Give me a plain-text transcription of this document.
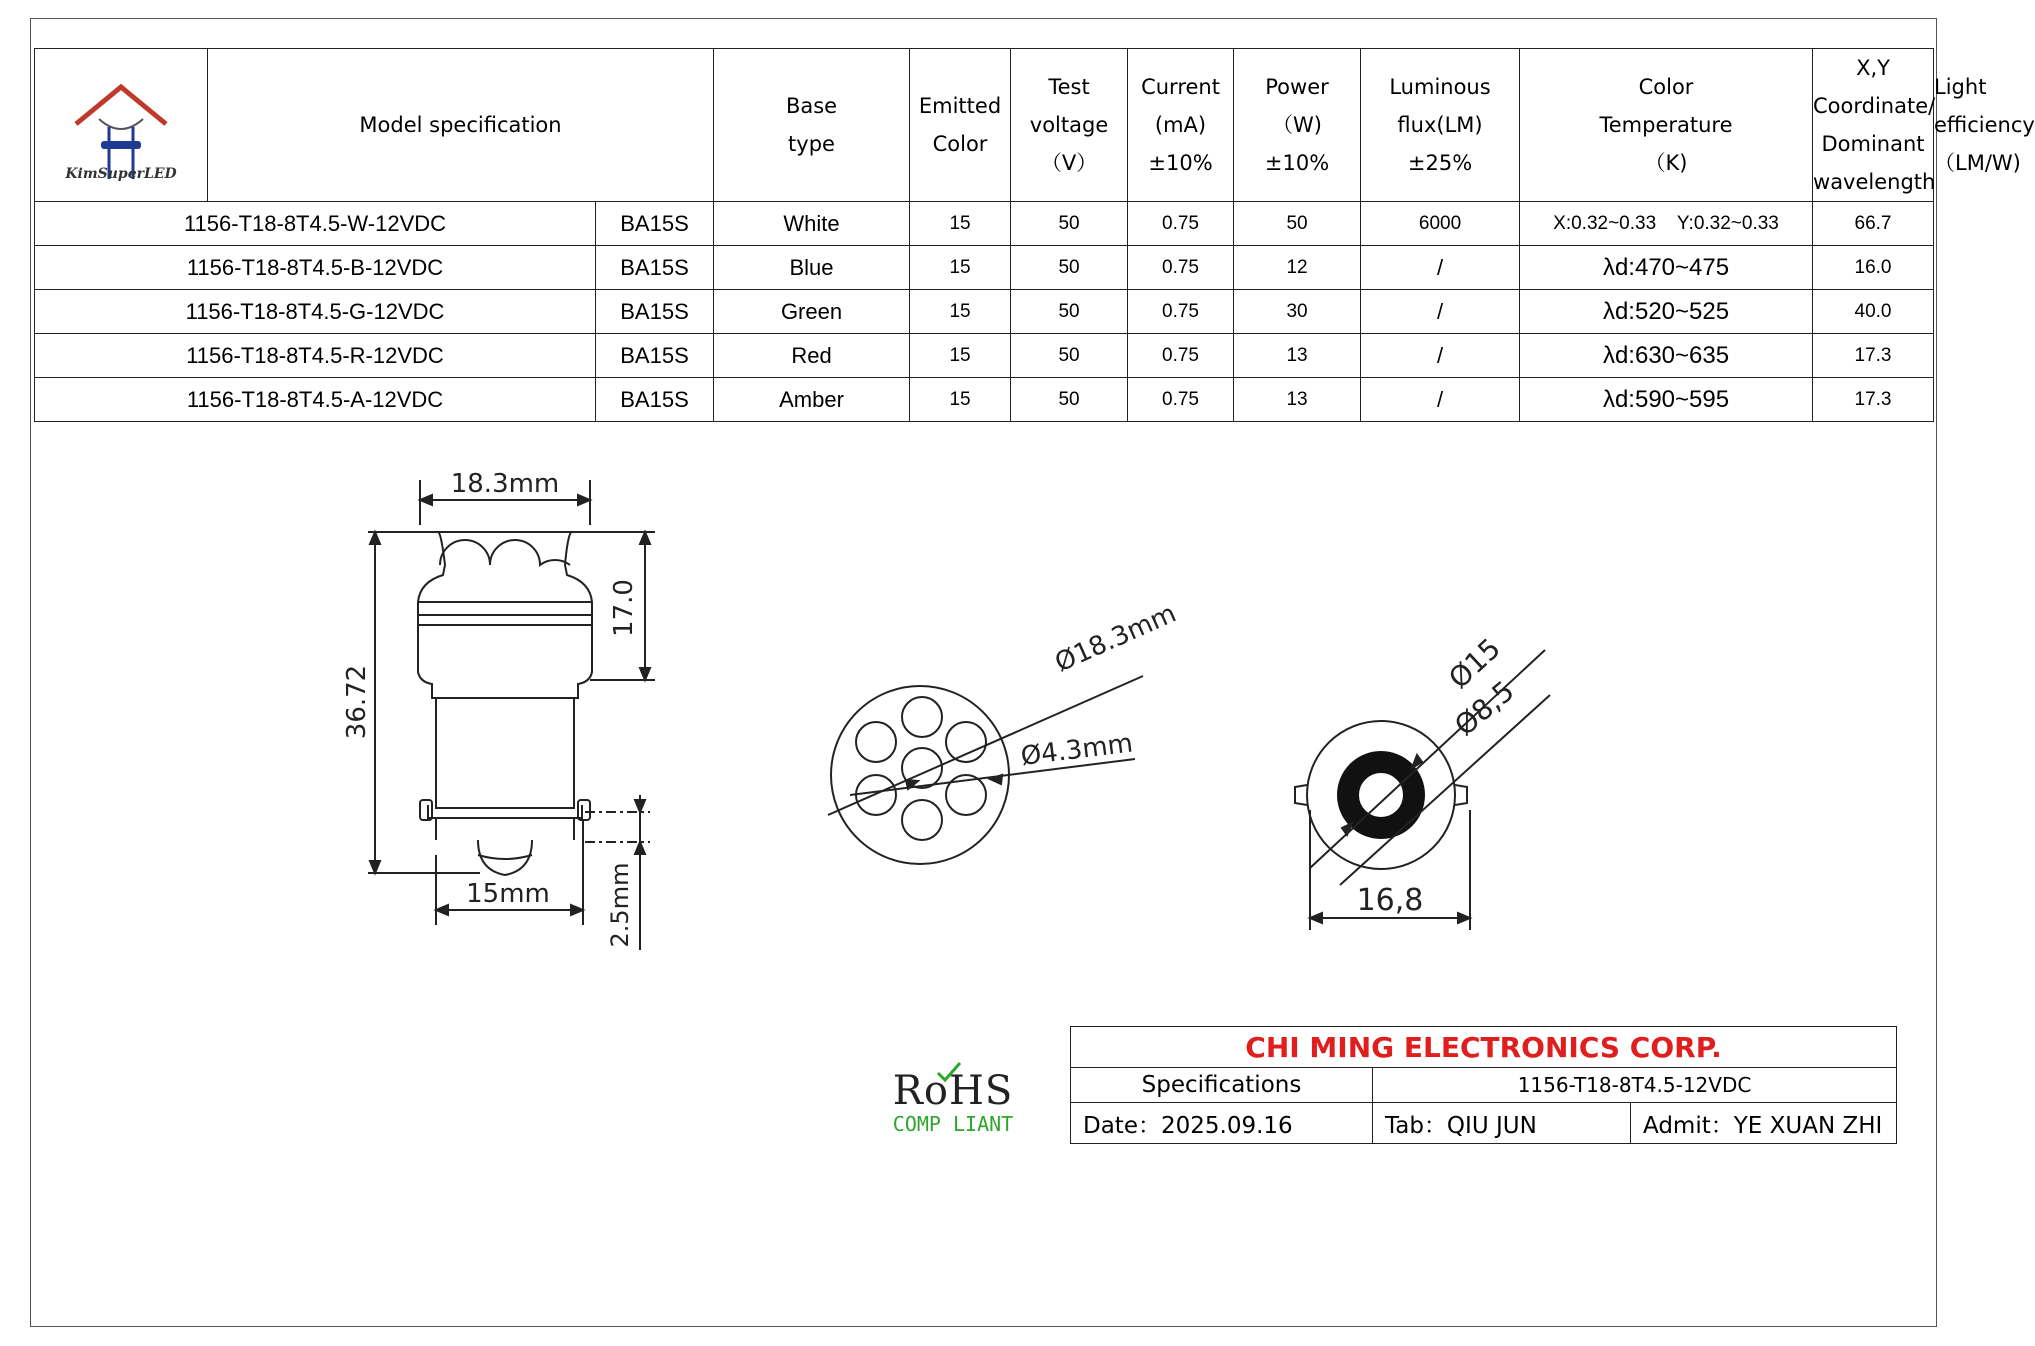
KimSuperLED	Model specification		Base
type	Emitted Color	Test
voltage
（V）	Current
(mA)
±10%	Power
（W)
±10%	Luminous
flux(LM)
±25%	Color
Temperature
（K)	X,Y
Coordinate/
Dominant wavelength	Light
efficiency
（LM/W)
1156-T18-8T4.5-W-12VDC		BA15S	White	15	50	0.75	50	6000	X:0.32~0.33    Y:0.32~0.33	66.7	
1156-T18-8T4.5-B-12VDC		BA15S	Blue	15	50	0.75	12	/	λd:470~475	16.0	
1156-T18-8T4.5-G-12VDC		BA15S	Green	15	50	0.75	30	/	λd:520~525	40.0	
1156-T18-8T4.5-R-12VDC		BA15S	Red	15	50	0.75	13	/	λd:630~635	17.3	
1156-T18-8T4.5-A-12VDC		BA15S	Amber	15	50	0.75	13	/	λd:590~595	17.3	
18.3mm
17.0
36.72
15mm 2.5mm
Ø18.3mm
Ø4.3mm
Ø15
Ø8,5
16,8
RoHS
COMP LIANT
CHI MING ELECTRONICS CORP.		
Specifications	1156-T18-8T4.5-12VDC	
Date：2025.09.16	Tab：QIU JUN	Admit：YE XUAN ZHI
